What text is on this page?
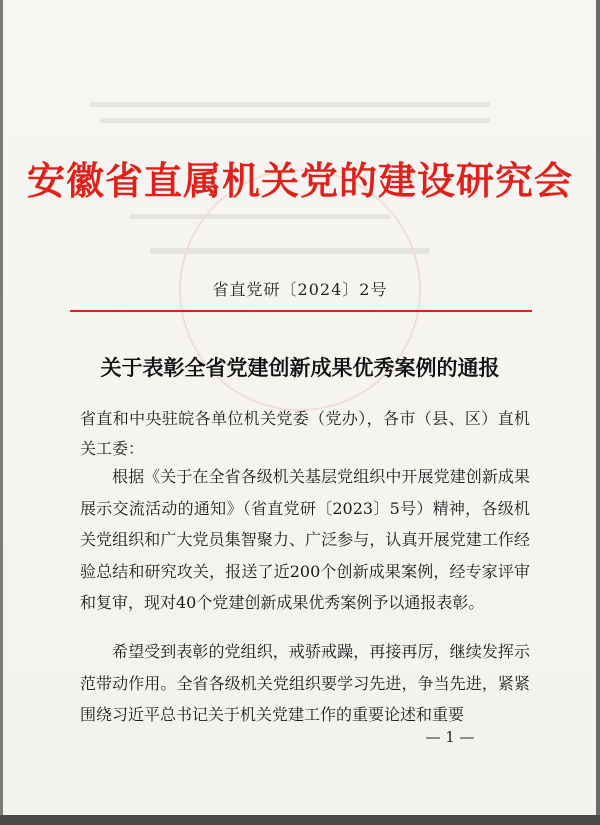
安徽省直属机关党的建设研究会
省直党研〔2024〕2号
关于表彰全省党建创新成果优秀案例的通报
省直和中央驻皖各单位机关党委（党办），各市（县、区）直机关工委：
根据《关于在全省各级机关基层党组织中开展党建创新成果展示交流活动的通知》（省直党研〔2023〕5号）精神，各级机关党组织和广大党员集智聚力、广泛参与，认真开展党建工作经验总结和研究攻关，报送了近200个创新成果案例，经专家评审和复审，现对40个党建创新成果优秀案例予以通报表彰。
希望受到表彰的党组织，戒骄戒躁，再接再厉，继续发挥示范带动作用。全省各级机关党组织要学习先进，争当先进，紧紧围绕习近平总书记关于机关党建工作的重要论述和重要
— 1 —
